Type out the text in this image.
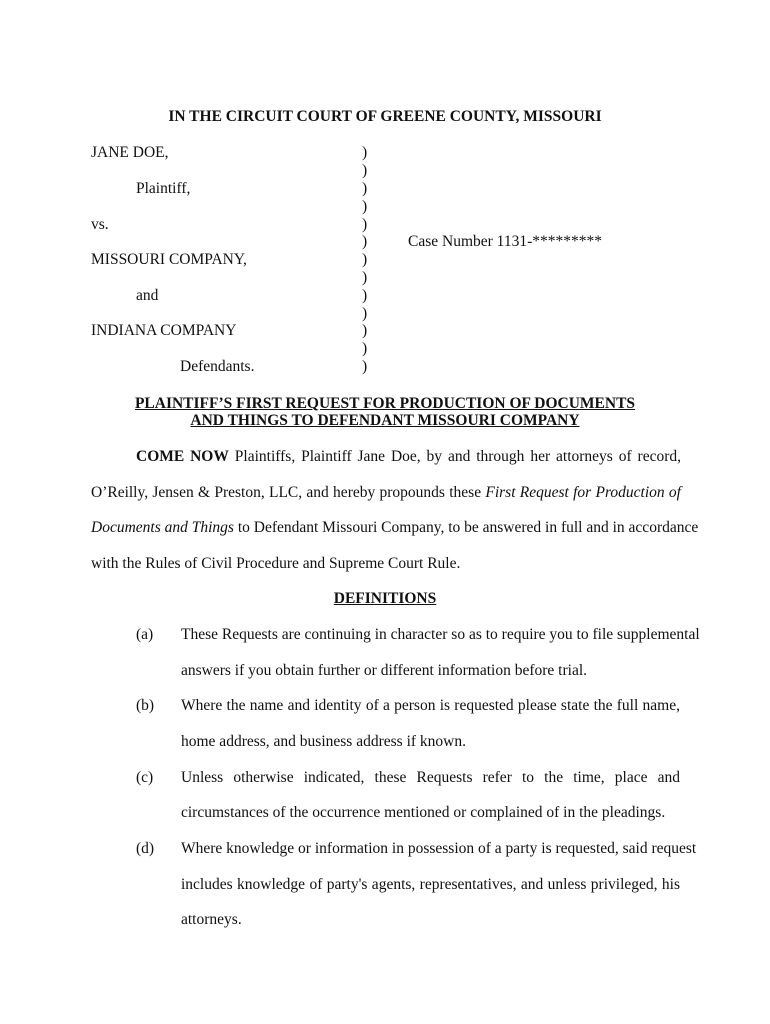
IN THE CIRCUIT COURT OF GREENE COUNTY, MISSOURI
JANE DOE,
Plaintiff,
vs.
MISSOURI COMPANY,
and
INDIANA COMPANY
Defendants.
)
)
)
)
)
)
)
)
)
)
)
)
)
Case Number 1131-*********
PLAINTIFF’S FIRST REQUEST FOR PRODUCTION OF DOCUMENTS
AND THINGS TO DEFENDANT MISSOURI COMPANY
COME NOW Plaintiffs, Plaintiff Jane Doe, by and through her attorneys of record,
O’Reilly, Jensen & Preston, LLC, and hereby propounds these First Request for Production of
Documents and Things to Defendant Missouri Company, to be answered in full and in accordance
with the Rules of Civil Procedure and Supreme Court Rule.
DEFINITIONS
(a) These Requests are continuing in character so as to require you to file supplemental
answers if you obtain further or different information before trial.
(b) Where the name and identity of a person is requested please state the full name,
home address, and business address if known.
(c) Unless otherwise indicated, these Requests refer to the time, place and
circumstances of the occurrence mentioned or complained of in the pleadings.
(d) Where knowledge or information in possession of a party is requested, said request
includes knowledge of party's agents, representatives, and unless privileged, his
attorneys.
